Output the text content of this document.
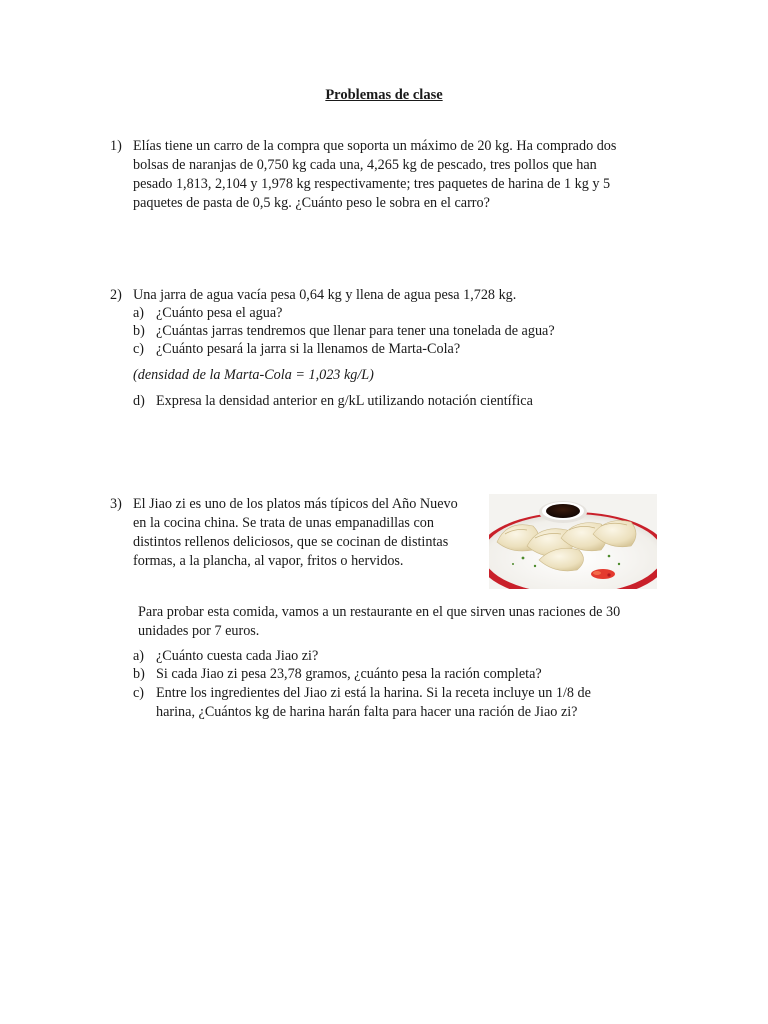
Problemas de clase
1) Elías tiene un carro de la compra que soporta un máximo de 20 kg. Ha comprado dos
bolsas de naranjas de 0,750 kg cada una, 4,265 kg de pescado, tres pollos que han
pesado 1,813, 2,104 y 1,978 kg respectivamente; tres paquetes de harina de 1 kg y 5
paquetes de pasta de 0,5 kg. ¿Cuánto peso le sobra en el carro?
2) Una jarra de agua vacía pesa 0,64 kg y llena de agua pesa 1,728 kg.
a) ¿Cuánto pesa el agua?
b) ¿Cuántas jarras tendremos que llenar para tener una tonelada de agua?
c) ¿Cuánto pesará la jarra si la llenamos de Marta-Cola?
(densidad de la Marta-Cola = 1,023 kg/L)
d) Expresa la densidad anterior en g/kL utilizando notación científica
3) El Jiao zi es uno de los platos más típicos del Año Nuevo
en la cocina china. Se trata de unas empanadillas con
distintos rellenos deliciosos, que se cocinan de distintas
formas, a la plancha, al vapor, fritos o hervidos.
Para probar esta comida, vamos a un restaurante en el que sirven unas raciones de 30
unidades por 7 euros.
a) ¿Cuánto cuesta cada Jiao zi?
b) Si cada Jiao zi pesa 23,78 gramos, ¿cuánto pesa la ración completa?
c) Entre los ingredientes del Jiao zi está la harina. Si la receta incluye un 1/8 de
harina, ¿Cuántos kg de harina harán falta para hacer una ración de Jiao zi?
